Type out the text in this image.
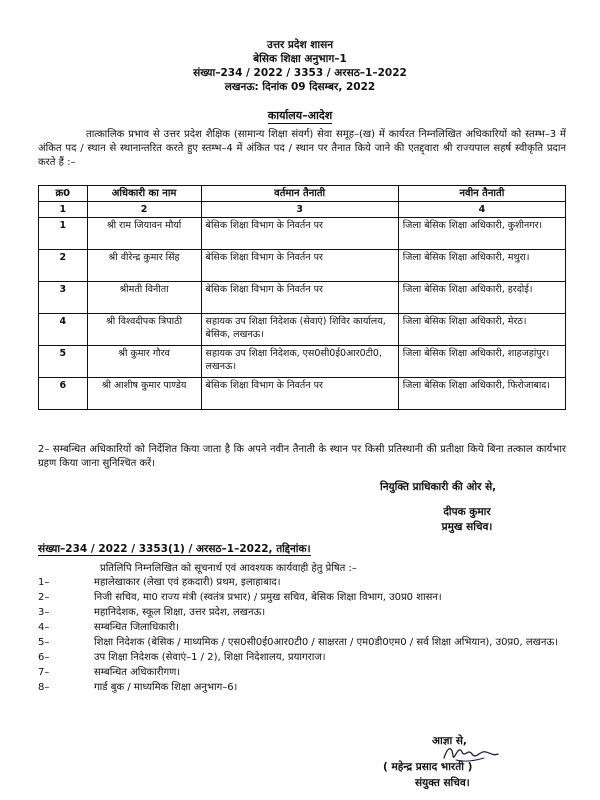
उत्तर प्रदेश शासन
बेसिक शिक्षा अनुभाग–1
संख्या–234 / 2022 / 3353 / अरसठ–1–2022
लखनऊ: दिनांक 09 दिसम्बर, 2022
कार्यालय–आदेश
तात्कालिक प्रभाव से उत्तर प्रदेश शैक्षिक (सामान्य शिक्षा संवर्ग) सेवा समूह–(ख) में कार्यरत निम्नलिखित अधिकारियों को स्तम्भ–3 में अंकित पद / स्थान से स्थानान्तरित करते हुए स्तम्भ–4 में अंकित पद / स्थान पर तैनात किये जाने की एतद्द्वारा श्री राज्यपाल सहर्ष स्वीकृति प्रदान करते हैं :–
क्र0	अधिकारी का नाम	वर्तमान तैनाती	नवीन तैनाती
1	2	3	4
1	श्री राम जियावन मौर्या	बेसिक शिक्षा विभाग के निवर्तन पर	जिला बेसिक शिक्षा अधिकारी, कुशीनगर।
2	श्री वीरेन्द्र कुमार सिंह	बेसिक शिक्षा विभाग के निवर्तन पर	जिला बेसिक शिक्षा अधिकारी, मथुरा।
3	श्रीमती विनीता	बेसिक शिक्षा विभाग के निवर्तन पर	जिला बेसिक शिक्षा अधिकारी, हरदोई।
4	श्री विश्वदीपक त्रिपाठी	सहायक उप शिक्षा निदेशक (सेवाएं) शिविर कार्यालय, बेसिक, लखनऊ।	जिला बेसिक शिक्षा अधिकारी, मेरठ।
5	श्री कुमार गौरव	सहायक उप शिक्षा निदेशक, एस0सी0ई0आर0टी0, लखनऊ।	जिला बेसिक शिक्षा अधिकारी, शाहजहांपुर।
6	श्री आशीष कुमार पाण्डेय	बेसिक शिक्षा विभाग के निवर्तन पर	जिला बेसिक शिक्षा अधिकारी, फिरोजाबाद।
2– सम्बन्धित अधिकारियों को निर्देशित किया जाता है कि अपने नवीन तैनाती के स्थान पर किसी प्रतिस्थानी की प्रतीक्षा किये बिना तत्काल कार्यभार ग्रहण किया जाना सुनिश्चित करें।
नियुक्ति प्राधिकारी की ओर से,
दीपक कुमार
प्रमुख सचिव।
संख्या–234 / 2022 / 3353(1) / अरसठ–1–2022, तद्दिनांक।
प्रतिलिपि निम्नलिखित को सूचनार्थ एवं आवश्यक कार्यवाही हेतु प्रेषित :–
1–	महालेखाकार (लेखा एवं हकदारी) प्रथम, इलाहाबाद।
2–	निजी सचिव, मा0 राज्य मंत्री (स्वतंत्र प्रभार) / प्रमुख सचिव, बेसिक शिक्षा विभाग, उ0प्र0 शासन।
3–	महानिदेशक, स्कूल शिक्षा, उत्तर प्रदेश, लखनऊ।
4–	सम्बन्धित जिलाधिकारी।
5–	शिक्षा निदेशक (बेसिक / माध्यमिक / एस0सी0ई0आर0टी0 / साक्षरता / एम0डी0एम0 / सर्व शिक्षा अभियान), उ0प्र0, लखनऊ।
6–	उप शिक्षा निदेशक (सेवाएं–1 / 2), शिक्षा निदेशालय, प्रयागराज।
7–	सम्बन्धित अधिकारीगण।
8–	गार्ड बुक / माध्यमिक शिक्षा अनुभाग–6।
आज्ञा से,
( महेन्द्र प्रसाद भारती )
संयुक्त सचिव।
